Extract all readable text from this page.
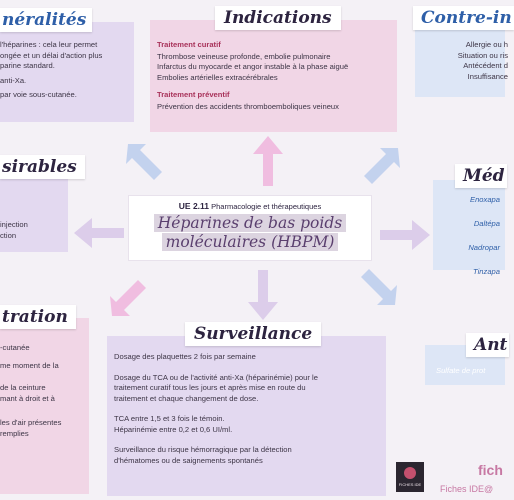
néralités
l'héparines : cela leur permet
ongée et un délai d'action plus
parine standard.
anti-Xa.
par voie sous-cutanée.
Indications
Traitement curatif
Thrombose veineuse profonde, embolie pulmonaire
Infarctus du myocarde et angor instable à la phase aiguë
Embolies artérielles extracérébrales
Traitement préventif
Prévention des accidents thromboemboliques veineux
Contre-in
Allergie ou h
Situation ou ris
Antécédent d
Insuffisance
sirables
injection
ction
Méd
Enoxapa
Daltépa
Nadropar
Tinzapa
UE 2.11 Pharmacologie et thérapeutiques
Héparines de bas poids
moléculaires (HBPM)
tration
-cutanée
me moment de la
de la ceinture
mant à droit et à
les d'air présentes
remplies
Surveillance
Dosage des plaquettes 2 fois par semaine
Dosage du TCA ou de l'activité anti-Xa (héparinémie) pour le
traitement curatif tous les jours et après mise en route du
traitement et chaque changement de dose.
TCA entre 1,5 et 3 fois le témoin.
Héparinémie entre 0,2 et 0,6 UI/ml.
Surveillance du risque hémorragique par la détection
d'hématomes ou de saignements spontanés
Ant
Sulfate de prot
FICHES IDE
fich
Fiches IDE@
